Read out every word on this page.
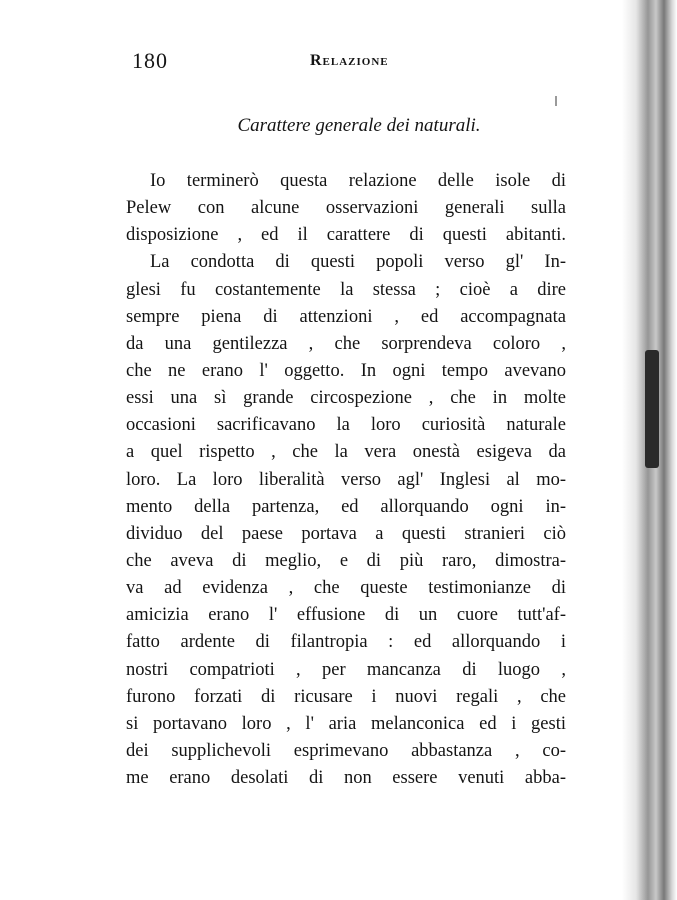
180	Relazione
Carattere generale dei naturali.
Io terminerò questa relazione delle isole di
Pelew con alcune osservazioni generali sulla
disposizione , ed il carattere di questi abitanti.
La condotta di questi popoli verso gl' In-
glesi fu costantemente la stessa ; cioè a dire
sempre piena di attenzioni , ed accompagnata
da una gentilezza , che sorprendeva coloro ,
che ne erano l' oggetto. In ogni tempo avevano
essi una sì grande circospezione , che in molte
occasioni sacrificavano la loro curiosità naturale
a quel rispetto , che la vera onestà esigeva da
loro. La loro liberalità verso agl' Inglesi al mo-
mento della partenza, ed allorquando ogni in-
dividuo del paese portava a questi stranieri ciò
che aveva di meglio, e di più raro, dimostra-
va ad evidenza , che queste testimonianze di
amicizia erano l' effusione di un cuore tutt'af-
fatto ardente di filantropia : ed allorquando i
nostri compatrioti , per mancanza di luogo ,
furono forzati di ricusare i nuovi regali , che
si portavano loro , l' aria melanconica ed i gesti
dei supplichevoli esprimevano abbastanza , co-
me erano desolati di non essere venuti abba-
